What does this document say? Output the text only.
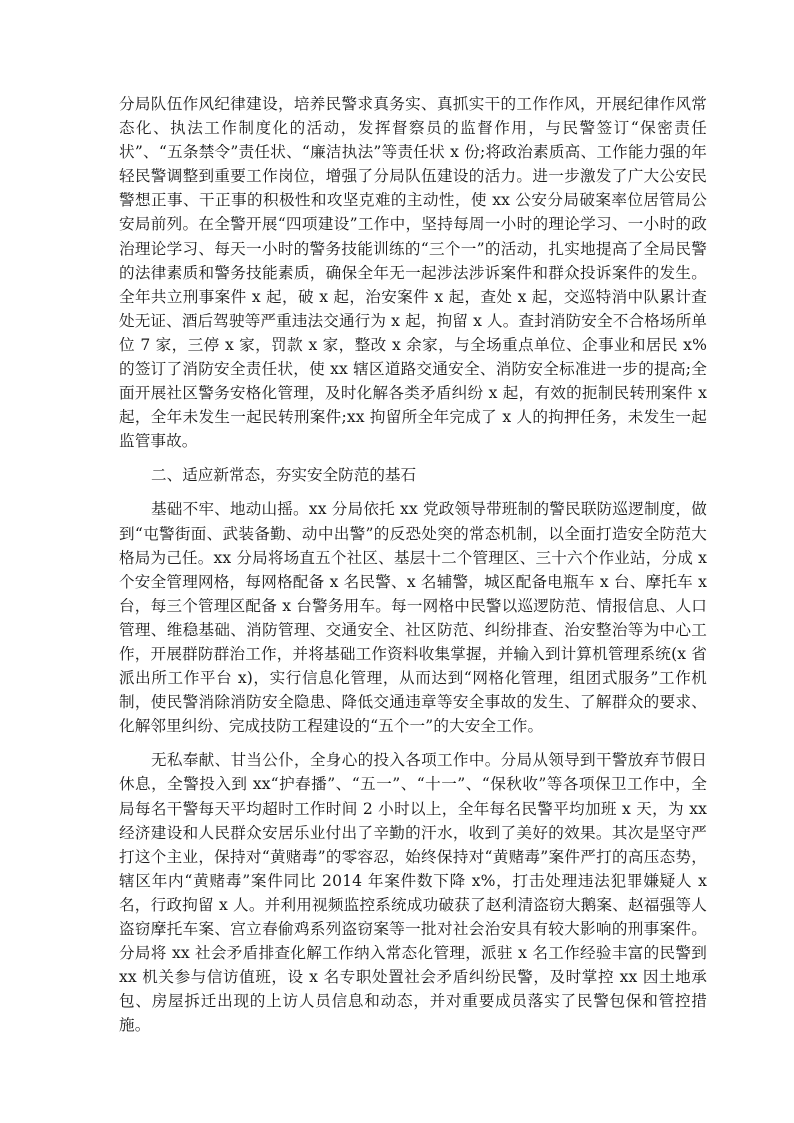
分局队伍作风纪律建设，培养民警求真务实、真抓实干的工作作风，开展纪律作风常态化、执法工作制度化的活动，发挥督察员的监督作用，与民警签订“保密责任状”、“五条禁令”责任状、“廉洁执法”等责任状 x 份;将政治素质高、工作能力强的年轻民警调整到重要工作岗位，增强了分局队伍建设的活力。进一步激发了广大公安民警想正事、干正事的积极性和攻坚克难的主动性，使 xx 公安分局破案率位居管局公安局前列。在全警开展“四项建设”工作中，坚持每周一小时的理论学习、一小时的政治理论学习、每天一小时的警务技能训练的“三个一”的活动，扎实地提高了全局民警的法律素质和警务技能素质，确保全年无一起涉法涉诉案件和群众投诉案件的发生。全年共立刑事案件 x 起，破 x 起，治安案件 x 起，查处 x 起，交巡特消中队累计查处无证、酒后驾驶等严重违法交通行为 x 起，拘留 x 人。查封消防安全不合格场所单位 7 家，三停 x 家，罚款 x 家，整改 x 余家，与全场重点单位、企事业和居民 x% 的签订了消防安全责任状，使 xx 辖区道路交通安全、消防安全标准进一步的提高;全面开展社区警务安格化管理，及时化解各类矛盾纠纷 x 起，有效的扼制民转刑案件 x 起，全年未发生一起民转刑案件;xx 拘留所全年完成了 x 人的拘押任务，未发生一起监管事故。

二、适应新常态，夯实安全防范的基石

基础不牢、地动山摇。xx 分局依托 xx 党政领导带班制的警民联防巡逻制度，做到“屯警街面、武装备勤、动中出警”的反恐处突的常态机制，以全面打造安全防范大格局为己任。xx 分局将场直五个社区、基层十二个管理区、三十六个作业站，分成 x 个安全管理网格，每网格配备 x 名民警、x 名辅警，城区配备电瓶车 x 台、摩托车 x 台，每三个管理区配备 x 台警务用车。每一网格中民警以巡逻防范、情报信息、人口管理、维稳基础、消防管理、交通安全、社区防范、纠纷排查、治安整治等为中心工作，开展群防群治工作，并将基础工作资料收集掌握，并输入到计算机管理系统(x 省派出所工作平台 x)，实行信息化管理，从而达到“网格化管理，组团式服务”工作机制，使民警消除消防安全隐患、降低交通违章等安全事故的发生、了解群众的要求、化解邻里纠纷、完成技防工程建设的“五个一”的大安全工作。

无私奉献、甘当公仆，全身心的投入各项工作中。分局从领导到干警放弃节假日休息，全警投入到 xx“护春播”、“五一”、“十一”、“保秋收”等各项保卫工作中，全局每名干警每天平均超时工作时间 2 小时以上，全年每名民警平均加班 x 天，为 xx 经济建设和人民群众安居乐业付出了辛勤的汗水，收到了美好的效果。其次是坚守严打这个主业，保持对“黄赌毒”的零容忍，始终保持对“黄赌毒”案件严打的高压态势，辖区年内“黄赌毒”案件同比 2014 年案件数下降 x%，打击处理违法犯罪嫌疑人 x 名，行政拘留 x 人。并利用视频监控系统成功破获了赵利清盗窃大鹅案、赵福强等人盗窃摩托车案、宫立春偷鸡系列盗窃案等一批对社会治安具有较大影响的刑事案件。分局将 xx 社会矛盾排查化解工作纳入常态化管理，派驻 x 名工作经验丰富的民警到 xx 机关参与信访值班，设 x 名专职处置社会矛盾纠纷民警，及时掌控 xx 因土地承包、房屋拆迁出现的上访人员信息和动态，并对重要成员落实了民警包保和管控措施。
